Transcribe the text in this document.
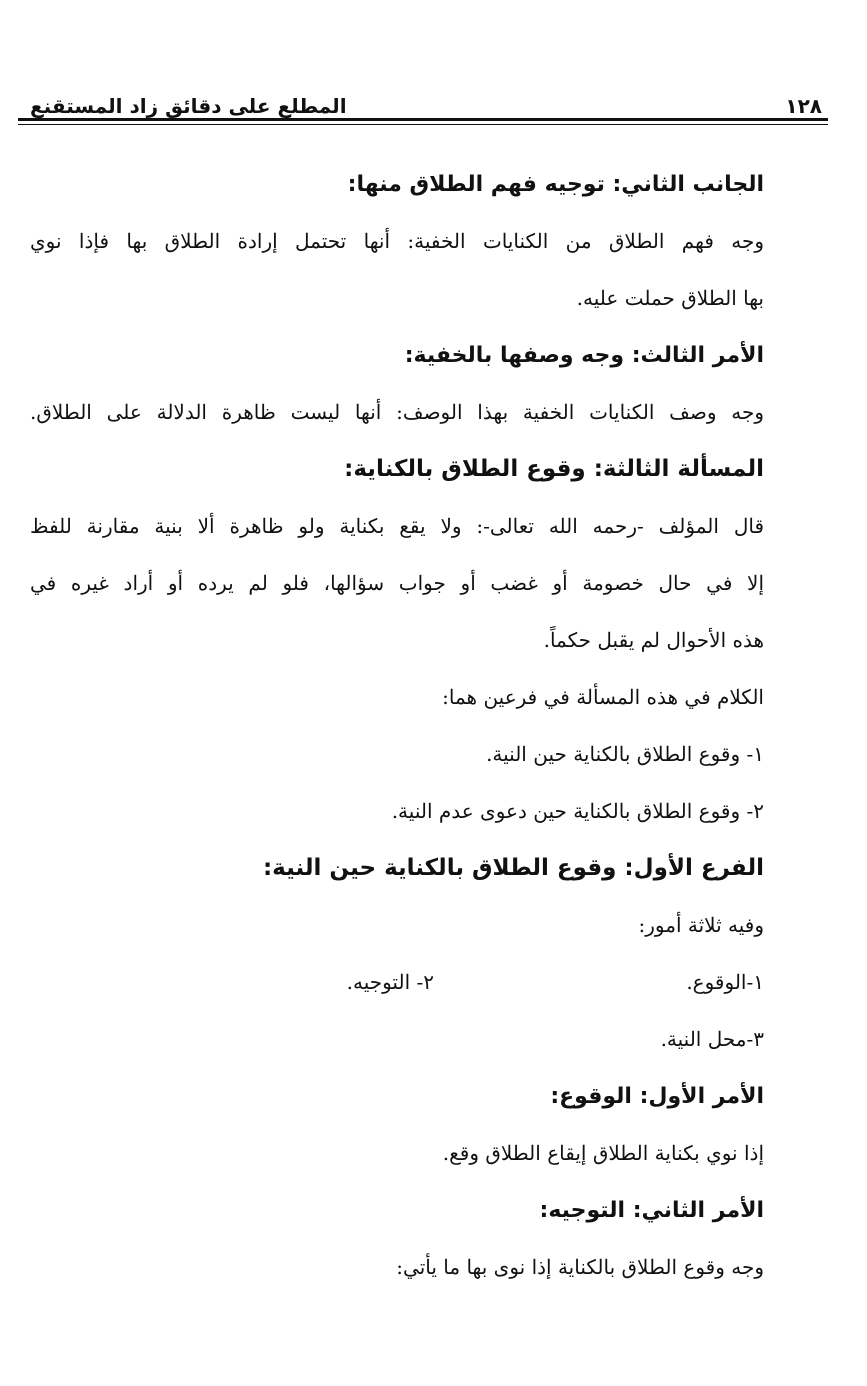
١٢٨
المطلع على دقائق زاد المستقنع
الجانب الثاني: توجيه فهم الطلاق منها:
وجه فهم الطلاق من الكنايات الخفية: أنها تحتمل إرادة الطلاق بها فإذا نوي
بها الطلاق حملت عليه.
الأمر الثالث: وجه وصفها بالخفية:
وجه وصف الكنايات الخفية بهذا الوصف: أنها ليست ظاهرة الدلالة على الطلاق.
المسألة الثالثة: وقوع الطلاق بالكناية:
قال المؤلف -رحمه الله تعالى-: ولا يقع بكناية ولو ظاهرة ألا بنية مقارنة للفظ
إلا في حال خصومة أو غضب أو جواب سؤالها، فلو لم يرده أو أراد غيره في
هذه الأحوال لم يقبل حكماً.
الكلام في هذه المسألة في فرعين هما:
١- وقوع الطلاق بالكناية حين النية.
٢- وقوع الطلاق بالكناية حين دعوى عدم النية.
الفرع الأول: وقوع الطلاق بالكناية حين النية:
وفيه ثلاثة أمور:
١-الوقوع.
٢- التوجيه.
٣-محل النية.
الأمر الأول: الوقوع:
إذا نوي بكناية الطلاق إيقاع الطلاق وقع.
الأمر الثاني: التوجيه:
وجه وقوع الطلاق بالكناية إذا نوى بها ما يأتي:
